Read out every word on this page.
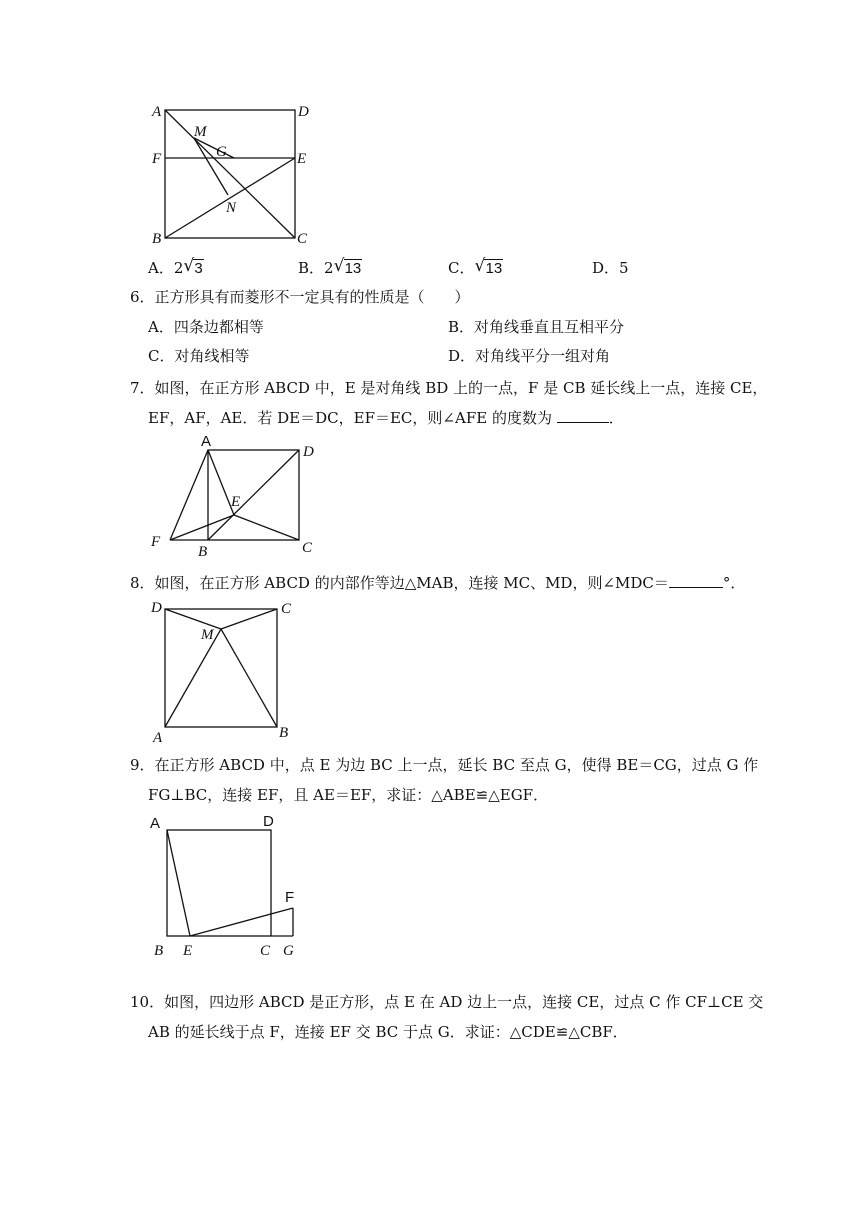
A	D
M
G
F	E
N
B	C
A．2 √ 3	B．2 √ 13	C． √ 13	D．5
6．正方形具有而菱形不一定具有的性质是（　　）
A．四条边都相等	B．对角线垂直且互相平分
C．对角线相等	D．对角线平分一组对角
7．如图，在正方形 ABCD 中，E 是对角线 BD 上的一点，F 是 CB 延长线上一点，连接 CE，
EF，AF，AE．若 DE＝DC，EF＝EC，则∠AFE 的度数为	．
A
D
E
F
B	C
8．如图，在正方形 ABCD 的内部作等边△MAB，连接 MC、MD，则∠MDC＝	°．
D	C
M
A	B
9．在正方形 ABCD 中，点 E 为边 BC 上一点，延长 BC 至点 G，使得 BE＝CG，过点 G 作
FG⊥BC，连接 EF，且 AE＝EF，求证：△ABE≌△EGF．
A	D
F
B E	C G
10．如图，四边形 ABCD 是正方形，点 E 在 AD 边上一点，连接 CE，过点 C 作 CF⊥CE 交
AB 的延长线于点 F，连接 EF 交 BC 于点 G．求证：△CDE≌△CBF．
